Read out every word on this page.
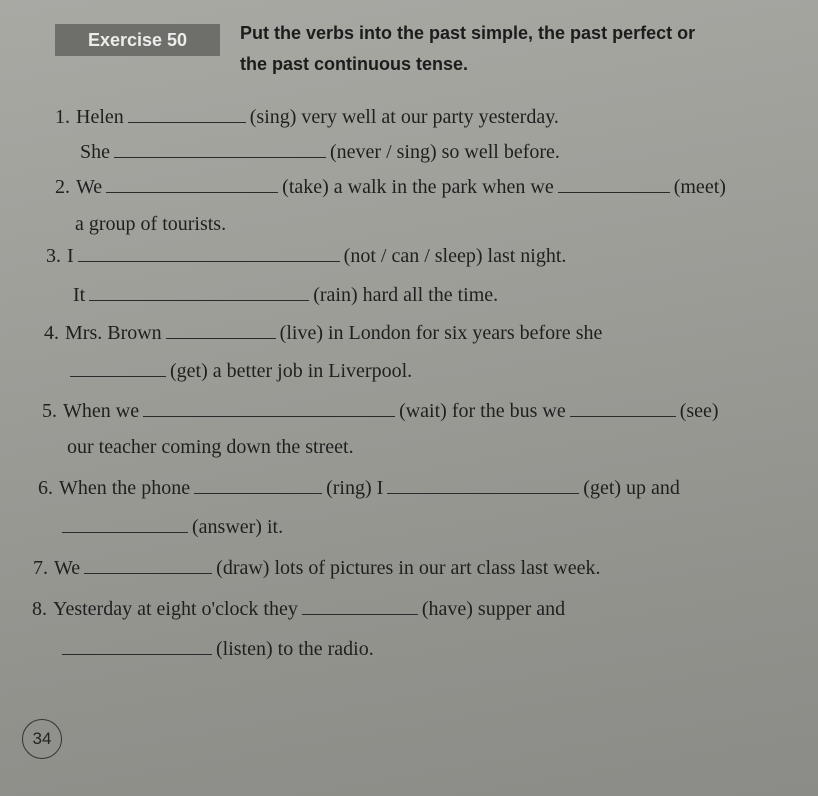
Exercise 50	Put the verbs into the past simple, the past perfect or the past continuous tense.
1. Helen	(sing) very well at our party yesterday.
She	(never / sing) so well before.
2. We	(take) a walk in the park when we	(meet)
a group of tourists.
3. I	(not / can / sleep) last night.
It	(rain) hard all the time.
4. Mrs. Brown	(live) in London for six years before she
(get) a better job in Liverpool.
5. When we	(wait) for the bus we	(see)
our teacher coming down the street.
6. When the phone	(ring) I	(get) up and
(answer) it.
7. We	(draw) lots of pictures in our art class last week.
8. Yesterday at eight o'clock they	(have) supper and
(listen) to the radio.
34
